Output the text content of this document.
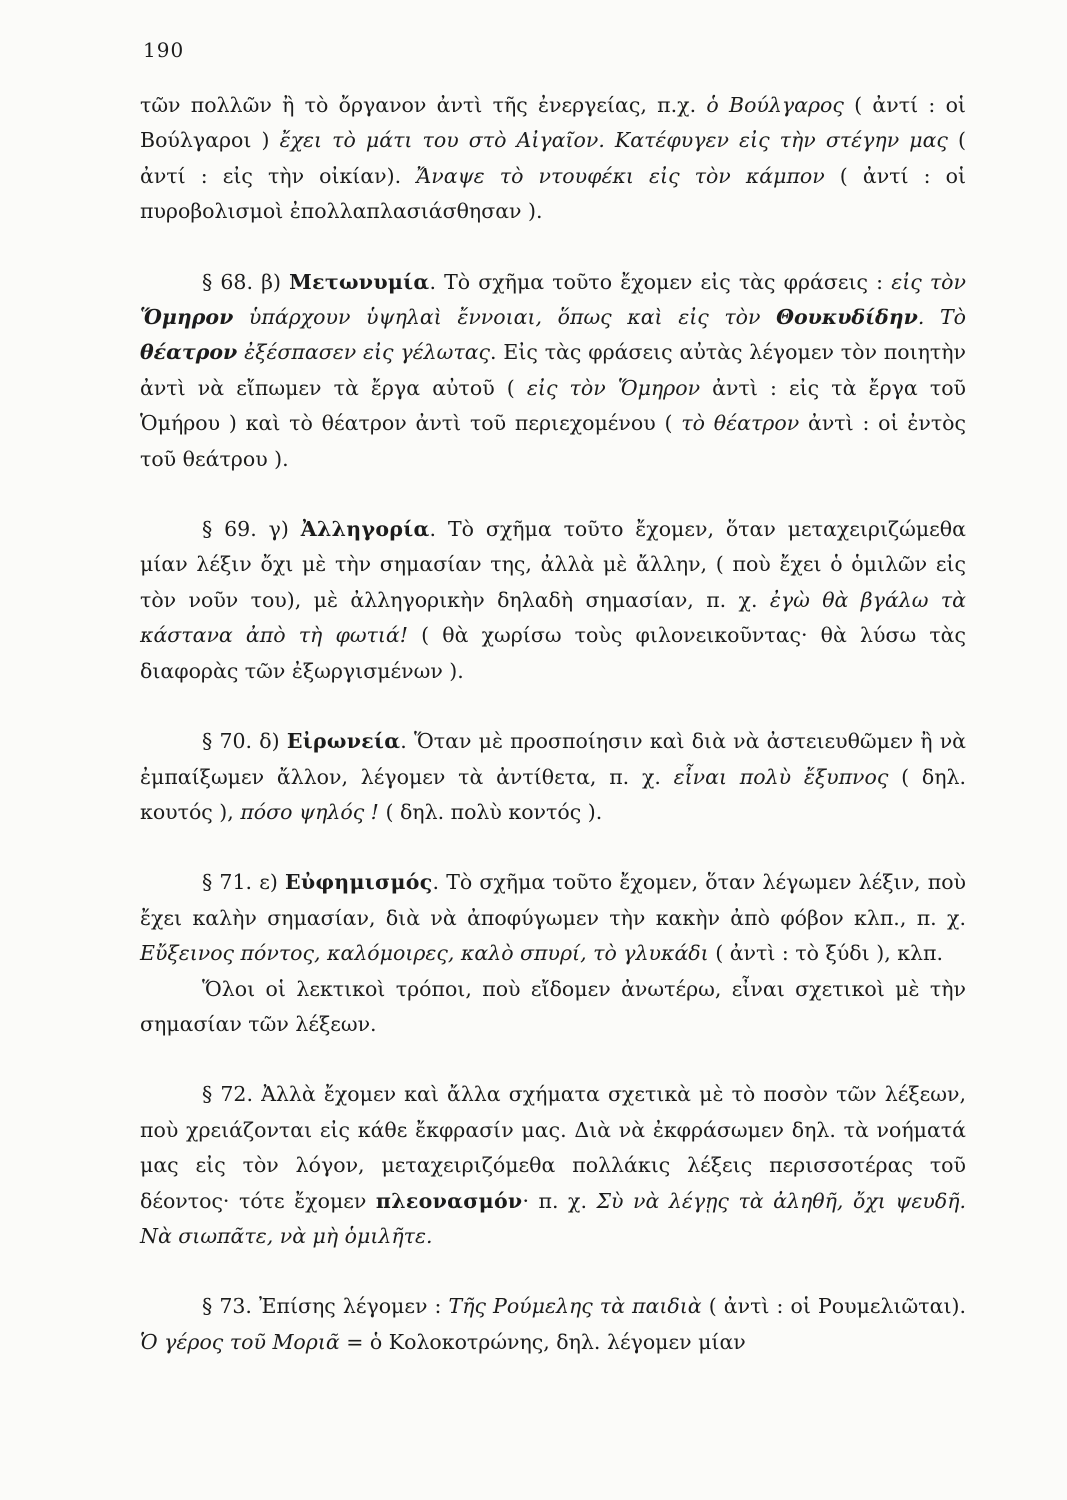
190

τῶν πολλῶν ἢ τὸ ὄργανον ἀντὶ τῆς ἐνεργείας, π.χ. ὁ Βούλγαρος ( ἀντί : οἱ Βούλγαροι ) ἔχει τὸ μάτι του στὸ Αἰγαῖον. Κατέφυγεν εἰς τὴν στέγην μας ( ἀντί : εἰς τὴν οἰκίαν). Ἄναψε τὸ ντουφέκι εἰς τὸν κάμπον ( ἀντί : οἱ πυροβολισμοὶ ἐπολλαπλασιάσθησαν ).

§ 68. β) Μετωνυμία. Τὸ σχῆμα τοῦτο ἔχομεν εἰς τὰς φράσεις : εἰς τὸν Ὅμηρον ὑπάρχουν ὑψηλαὶ ἔννοιαι, ὅπως καὶ εἰς τὸν Θουκυδίδην. Τὸ θέατρον ἐξέσπασεν εἰς γέλωτας. Εἰς τὰς φράσεις αὐτὰς λέγομεν τὸν ποιητὴν ἀντὶ νὰ εἴπωμεν τὰ ἔργα αὐτοῦ ( εἰς τὸν Ὅμηρον ἀντὶ : εἰς τὰ ἔργα τοῦ Ὁμήρου ) καὶ τὸ θέατρον ἀντὶ τοῦ περιεχομένου ( τὸ θέατρον ἀντὶ : οἱ ἐντὸς τοῦ θεάτρου ).

§ 69. γ) Ἀλληγορία. Τὸ σχῆμα τοῦτο ἔχομεν, ὅταν μεταχειριζώμεθα μίαν λέξιν ὄχι μὲ τὴν σημασίαν της, ἀλλὰ μὲ ἄλλην, ( ποὺ ἔχει ὁ ὁμιλῶν εἰς τὸν νοῦν του), μὲ ἀλληγορικὴν δηλαδὴ σημασίαν, π. χ. ἐγὼ θὰ βγάλω τὰ κάστανα ἀπὸ τὴ φωτιά! ( θὰ χωρίσω τοὺς φιλονεικοῦντας· θὰ λύσω τὰς διαφορὰς τῶν ἐξωργισμένων ).

§ 70. δ) Εἰρωνεία. Ὅταν μὲ προσποίησιν καὶ διὰ νὰ ἀστειευθῶμεν ἢ νὰ ἐμπαίξωμεν ἄλλον, λέγομεν τὰ ἀντίθετα, π. χ. εἶναι πολὺ ἔξυπνος ( δηλ. κουτός ), πόσο ψηλός ! ( δηλ. πολὺ κοντός ).

§ 71. ε) Εὐφημισμός. Τὸ σχῆμα τοῦτο ἔχομεν, ὅταν λέγωμεν λέξιν, ποὺ ἔχει καλὴν σημασίαν, διὰ νὰ ἀποφύγωμεν τὴν κακὴν ἀπὸ φόβον κλπ., π. χ. Εὔξεινος πόντος, καλόμοιρες, καλὸ σπυρί, τὸ γλυκάδι ( ἀντὶ : τὸ ξύδι ), κλπ.

Ὅλοι οἱ λεκτικοὶ τρόποι, ποὺ εἴδομεν ἀνωτέρω, εἶναι σχετικοὶ μὲ τὴν σημασίαν τῶν λέξεων.

§ 72. Ἀλλὰ ἔχομεν καὶ ἄλλα σχήματα σχετικὰ μὲ τὸ ποσὸν τῶν λέξεων, ποὺ χρειάζονται εἰς κάθε ἔκφρασίν μας. Διὰ νὰ ἐκφράσωμεν δηλ. τὰ νοήματά μας εἰς τὸν λόγον, μεταχειριζόμεθα πολλάκις λέξεις περισσοτέρας τοῦ δέοντος· τότε ἔχομεν πλεονασμόν· π. χ. Σὺ νὰ λέγῃς τὰ ἀληθῆ, ὄχι ψευδῆ. Νὰ σιωπᾶτε, νὰ μὴ ὁμιλῆτε.

§ 73. Ἐπίσης λέγομεν : Τῆς Ρούμελης τὰ παιδιὰ ( ἀντὶ : οἱ Ρουμελιῶται). Ὁ γέρος τοῦ Μοριᾶ = ὁ Κολοκοτρώνης, δηλ. λέγομεν μίαν
